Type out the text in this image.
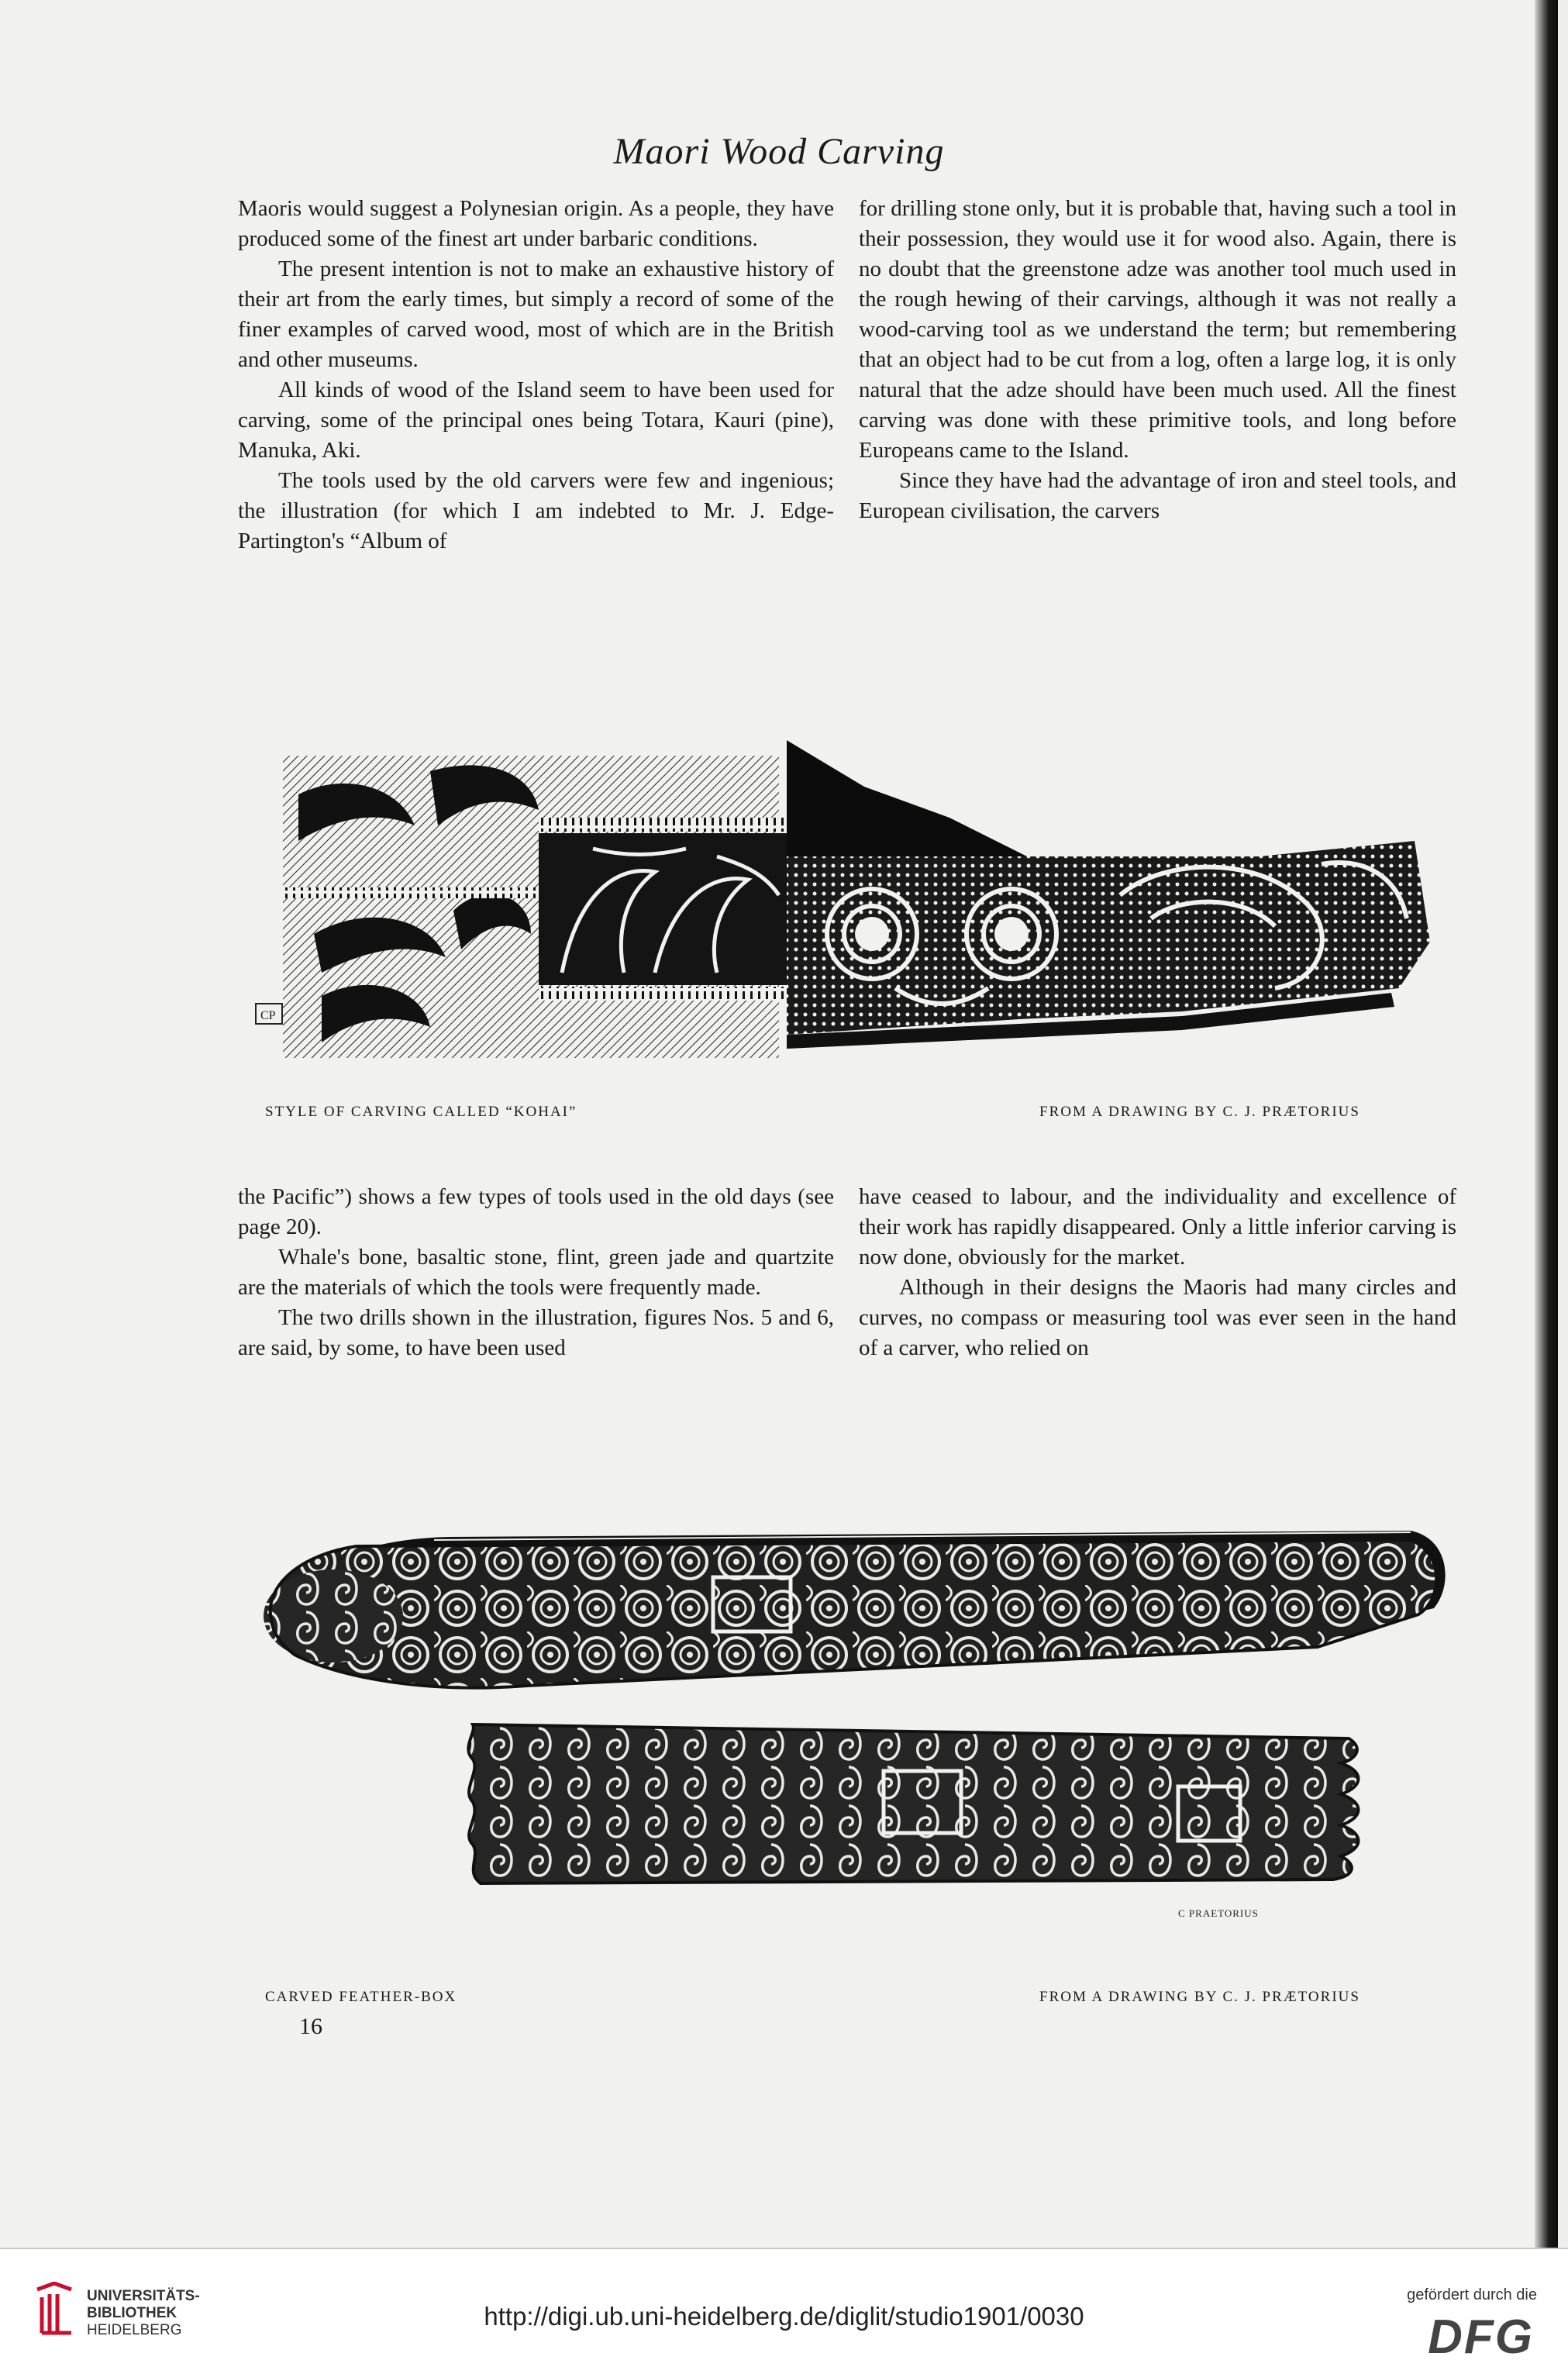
Maori Wood Carving

Maoris would suggest a Polynesian origin. As a people, they have produced some of the finest art under barbaric conditions.

The present intention is not to make an exhaustive history of their art from the early times, but simply a record of some of the finer examples of carved wood, most of which are in the British and other museums.

All kinds of wood of the Island seem to have been used for carving, some of the principal ones being Totara, Kauri (pine), Manuka, Aki.

The tools used by the old carvers were few and ingenious; the illustration (for which I am indebted to Mr. J. Edge-Partington's “Album of

for drilling stone only, but it is probable that, having such a tool in their possession, they would use it for wood also. Again, there is no doubt that the greenstone adze was another tool much used in the rough hewing of their carvings, although it was not really a wood-carving tool as we understand the term; but remembering that an object had to be cut from a log, often a large log, it is only natural that the adze should have been much used. All the finest carving was done with these primitive tools, and long before Europeans came to the Island.

Since they have had the advantage of iron and steel tools, and European civilisation, the carvers

CP
STYLE OF CARVING CALLED “KOHAI”	FROM A DRAWING BY C. J. PRÆTORIUS

the Pacific”) shows a few types of tools used in the old days (see page 20).

Whale's bone, basaltic stone, flint, green jade and quartzite are the materials of which the tools were frequently made.

The two drills shown in the illustration, figures Nos. 5 and 6, are said, by some, to have been used

have ceased to labour, and the individuality and excellence of their work has rapidly disappeared. Only a little inferior carving is now done, obviously for the market.

Although in their designs the Maoris had many circles and curves, no compass or measuring tool was ever seen in the hand of a carver, who relied on

C PRAETORIUS
CARVED FEATHER-BOX	FROM A DRAWING BY C. J. PRÆTORIUS
16
UNIVERSITÄTS-
BIBLIOTHEK
HEIDELBERG	http://digi.ub.uni-heidelberg.de/diglit/studio1901/0030
gefördert durch die
DFG
